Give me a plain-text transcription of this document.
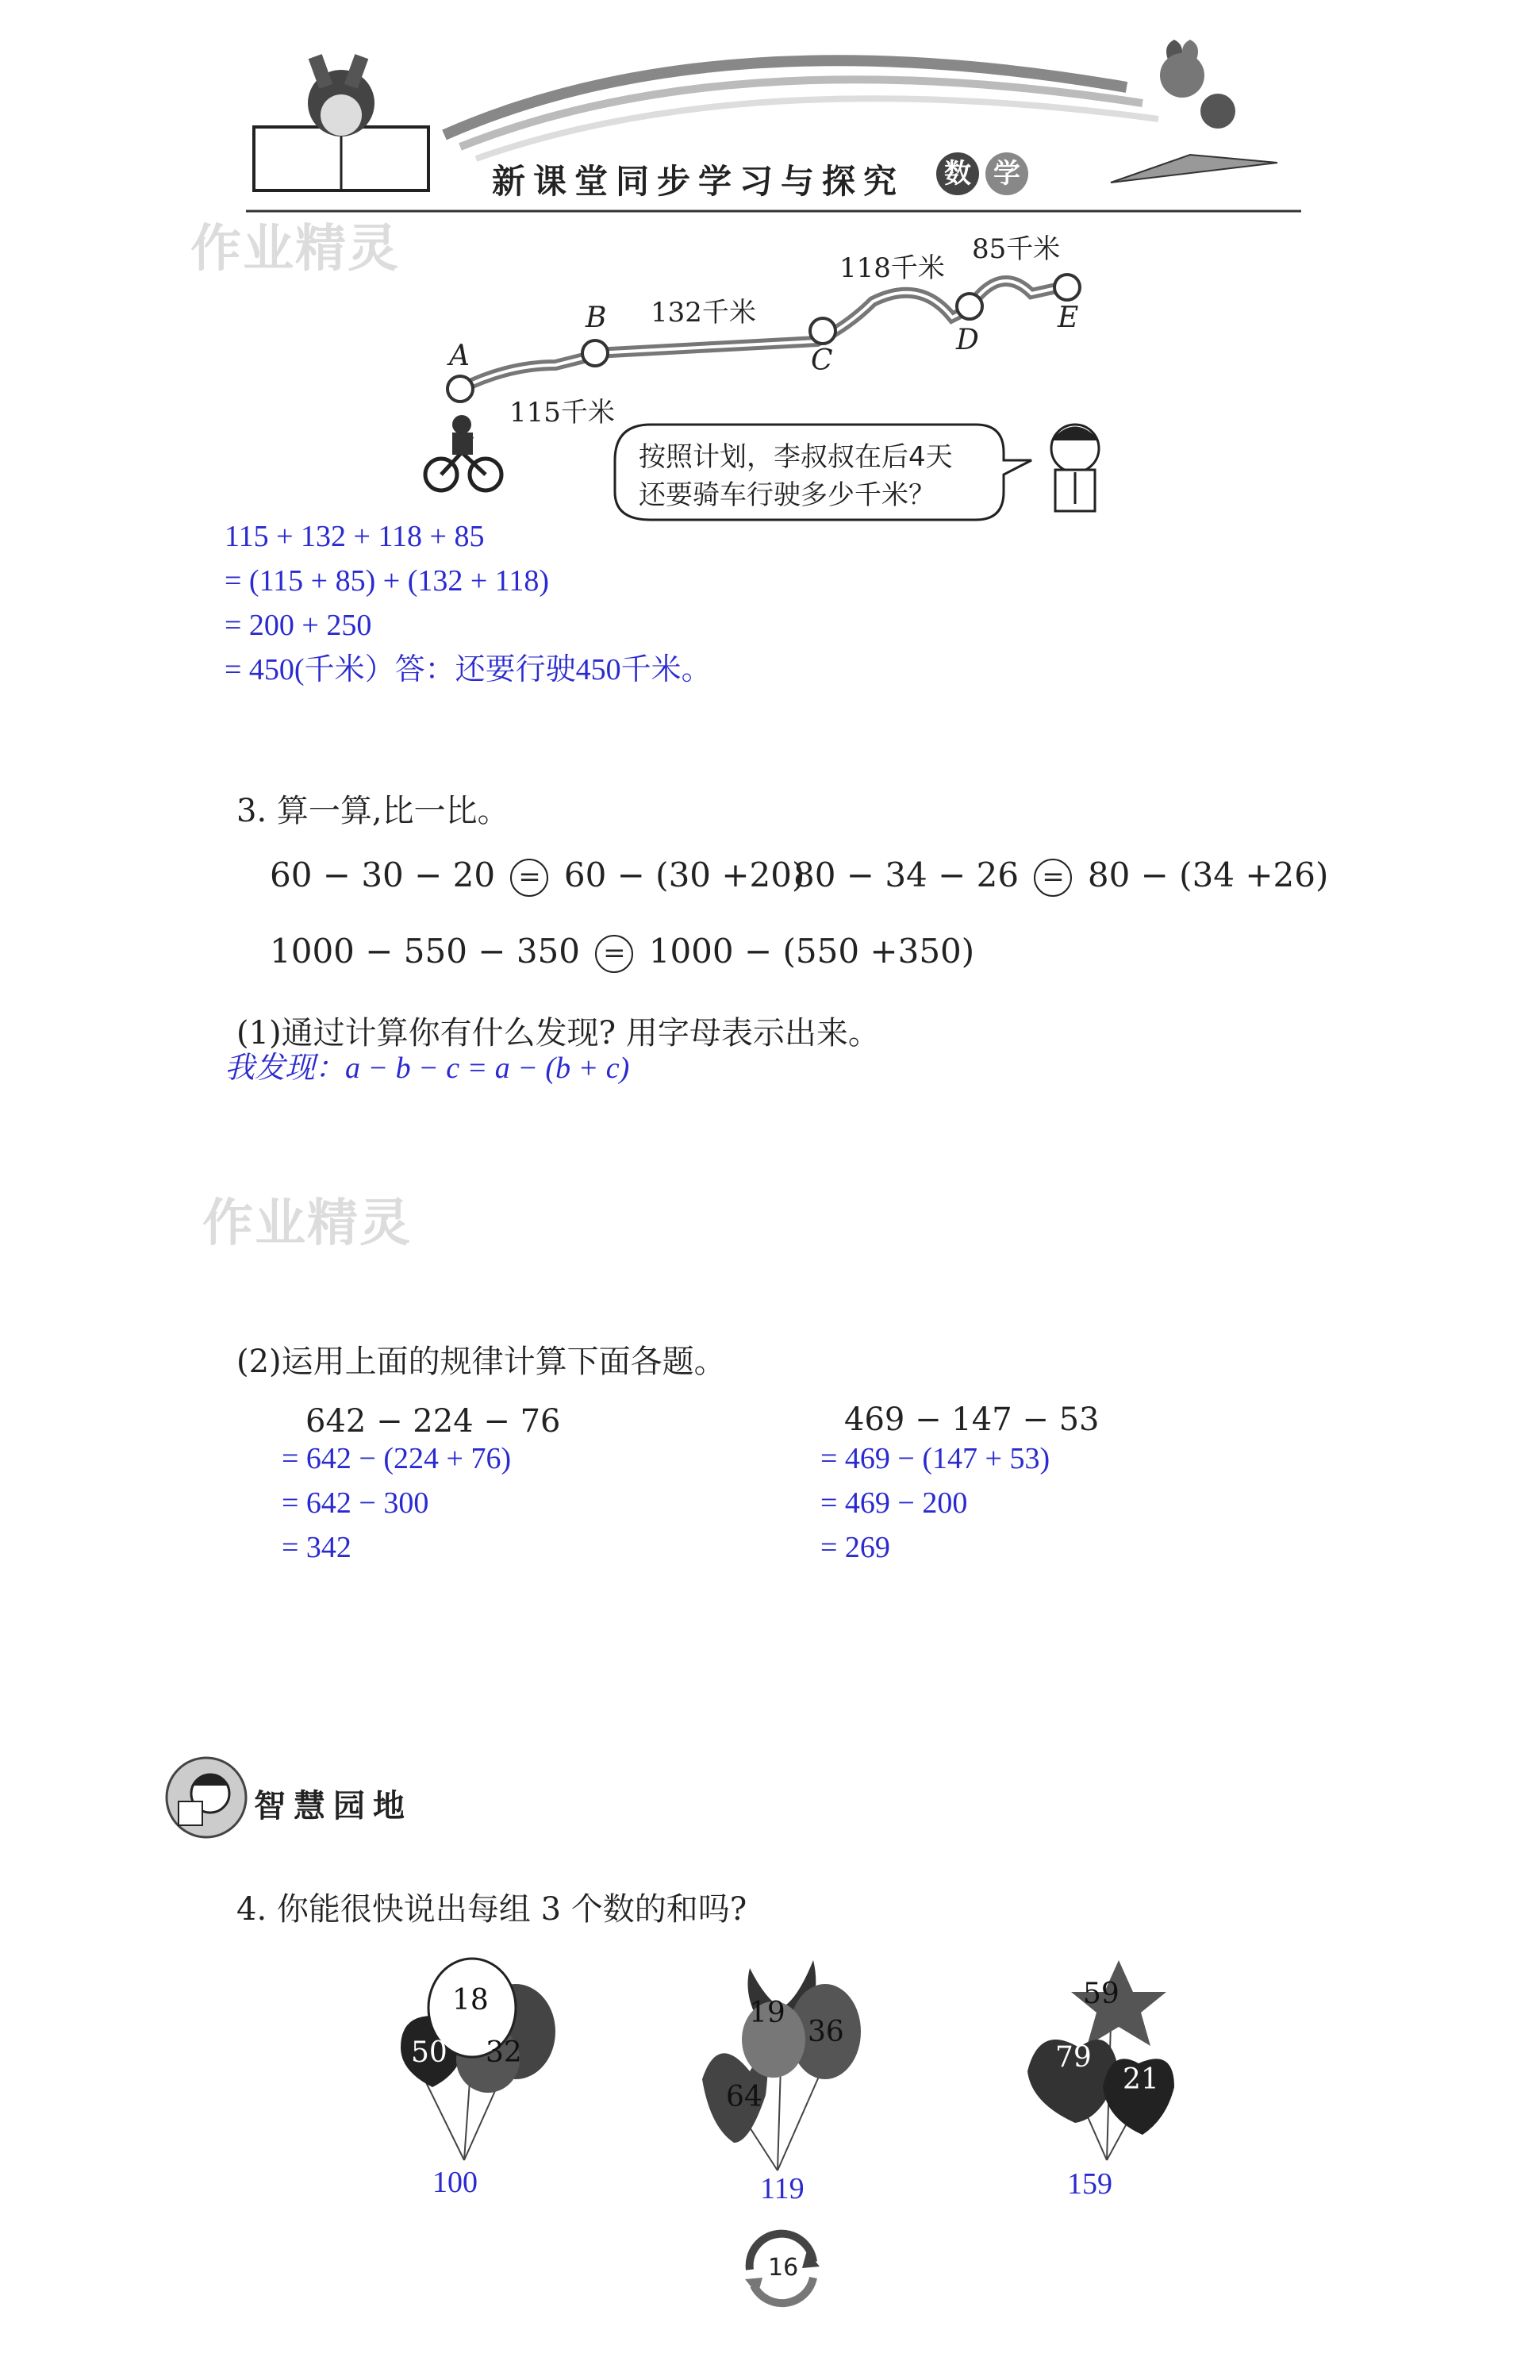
新课堂同步学习与探究 数 学
作业精灵
作业精灵
A
B
C
D
E
115千米
132千米
118千米
85千米
按照计划，李叔叔在后4天
还要骑车行驶多少千米？
115 + 132 + 118 + 85
= (115 + 85) + (132 + 118)
= 200 + 250
= 450(千米）答：还要行驶450千米。
3. 算一算,比一比。
60 − 30 − 20 = 60 − (30 +20)
80 − 34 − 26 = 80 − (34 +26)
1000 − 550 − 350 = 1000 − (550 +350)
(1)通过计算你有什么发现? 用字母表示出来。
我发现：a − b − c = a − (b + c)
(2)运用上面的规律计算下面各题。
642 − 224 − 76
= 642 − (224 + 76)
= 642 − 300
= 342
469 − 147 − 53
= 469 − (147 + 53)
= 469 − 200
= 269
智慧园地
4. 你能很快说出每组 3 个数的和吗?
18
50 32
100
19
36
64
119
59
79
21
159
16
